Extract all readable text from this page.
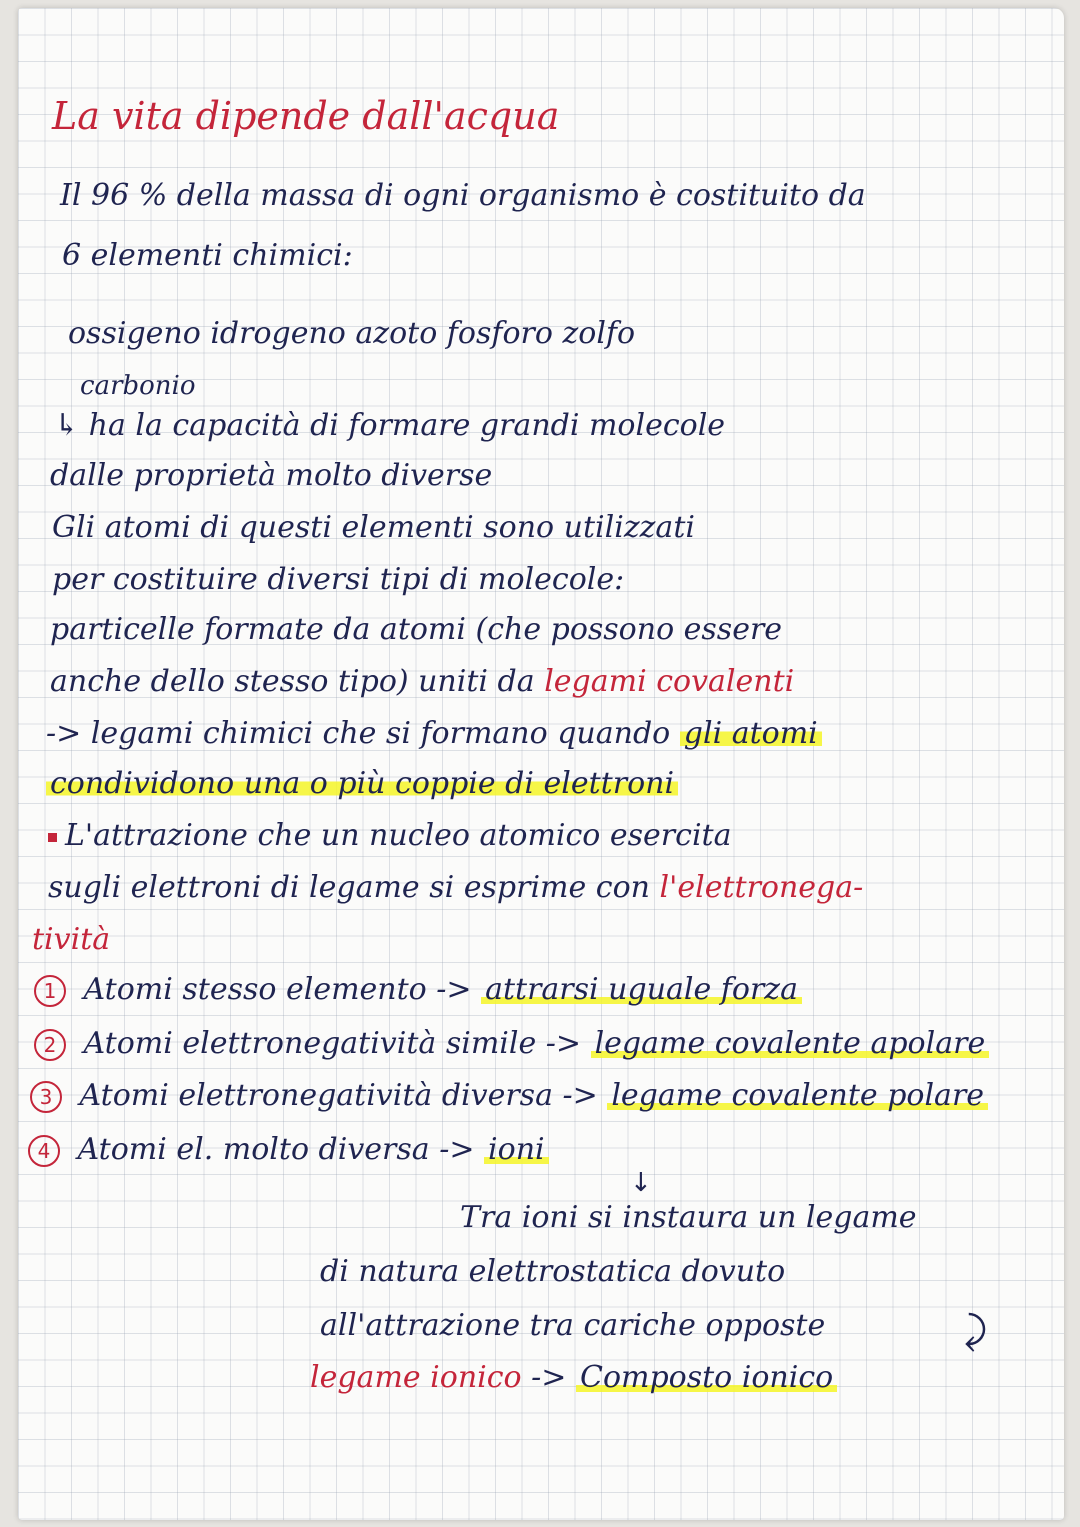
La vita dipende dall'acqua
Il 96 % della massa di ogni organismo è costituito da
6 elementi chimici:
ossigeno idrogeno azoto fosforo zolfo
carbonio
↳ ha la capacità di formare grandi molecole
dalle proprietà molto diverse
Gli atomi di questi elementi sono utilizzati
per costituire diversi tipi di molecole:
particelle formate da atomi (che possono essere
anche dello stesso tipo) uniti da legami covalenti
-> legami chimici che si formano quando gli atomi
condividono una o più coppie di elettroni
L'attrazione che un nucleo atomico esercita
sugli elettroni di legame si esprime con l'elettronega-
tività
1 Atomi stesso elemento -> attrarsi uguale forza
2 Atomi elettronegatività simile -> legame covalente apolare
3 Atomi elettronegatività diversa -> legame covalente polare
4 Atomi el. molto diversa -> ioni
↓
Tra ioni si instaura un legame
di natura elettrostatica dovuto
all'attrazione tra cariche opposte
legame ionico -> Composto ionico
⤸
